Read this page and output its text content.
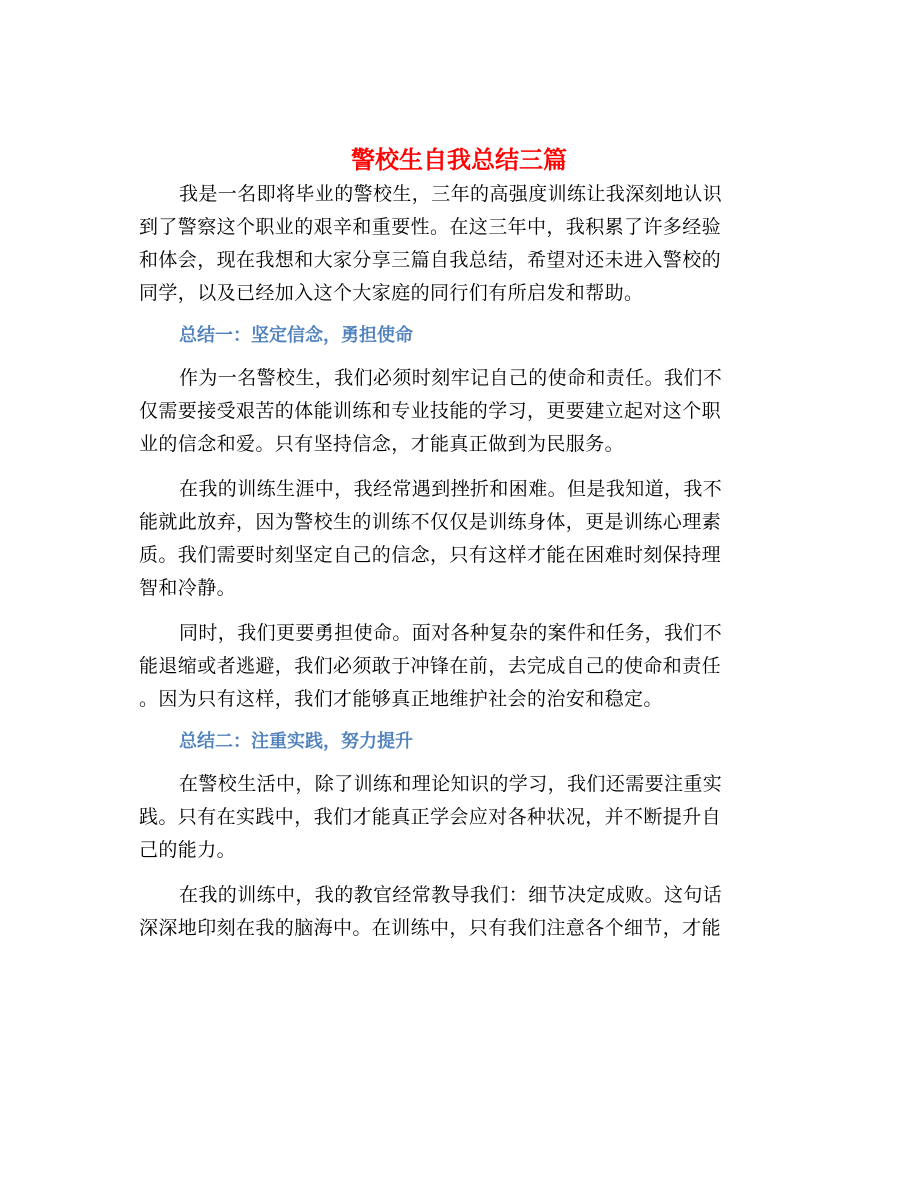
警校生自我总结三篇

我是一名即将毕业的警校生，三年的高强度训练让我深刻地认识
到了警察这个职业的艰辛和重要性。在这三年中，我积累了许多经验
和体会，现在我想和大家分享三篇自我总结，希望对还未进入警校的
同学，以及已经加入这个大家庭的同行们有所启发和帮助。

总结一：坚定信念，勇担使命

作为一名警校生，我们必须时刻牢记自己的使命和责任。我们不
仅需要接受艰苦的体能训练和专业技能的学习，更要建立起对这个职
业的信念和爱。只有坚持信念，才能真正做到为民服务。

在我的训练生涯中，我经常遇到挫折和困难。但是我知道，我不
能就此放弃，因为警校生的训练不仅仅是训练身体，更是训练心理素
质。我们需要时刻坚定自己的信念，只有这样才能在困难时刻保持理
智和冷静。

同时，我们更要勇担使命。面对各种复杂的案件和任务，我们不
能退缩或者逃避，我们必须敢于冲锋在前，去完成自己的使命和责任
。因为只有这样，我们才能够真正地维护社会的治安和稳定。

总结二：注重实践，努力提升

在警校生活中，除了训练和理论知识的学习，我们还需要注重实
践。只有在实践中，我们才能真正学会应对各种状况，并不断提升自
己的能力。

在我的训练中，我的教官经常教导我们：细节决定成败。这句话
深深地印刻在我的脑海中。在训练中，只有我们注意各个细节，才能
